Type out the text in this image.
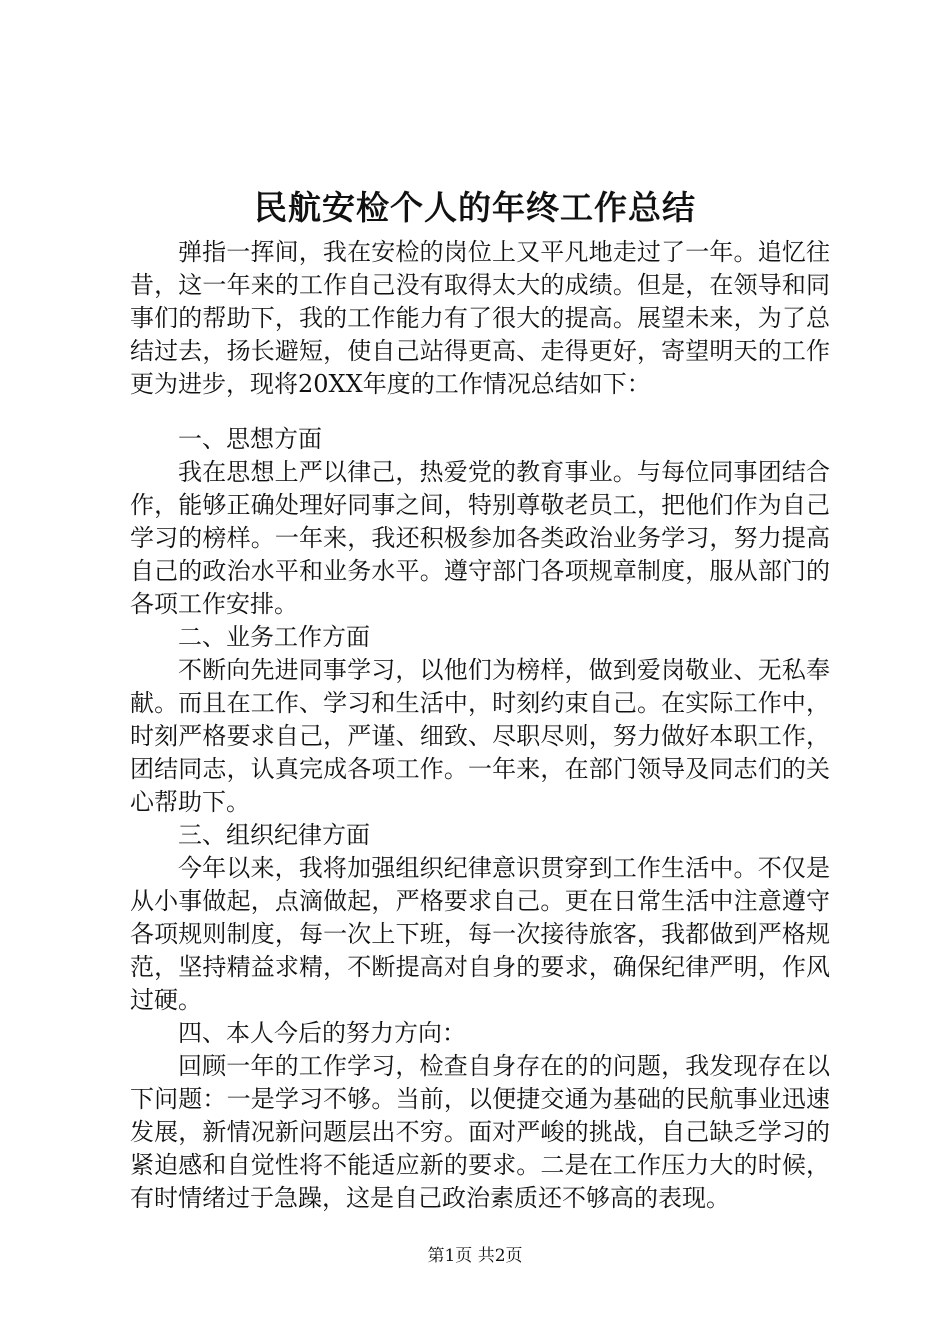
民航安检个人的年终工作总结

弹指一挥间，我在安检的岗位上又平凡地走过了一年。追忆往昔，这一年来的工作自己没有取得太大的成绩。但是，在领导和同事们的帮助下，我的工作能力有了很大的提高。展望未来，为了总结过去，扬长避短，使自己站得更高、走得更好，寄望明天的工作更为进步，现将20XX年度的工作情况总结如下：

一、思想方面

我在思想上严以律己，热爱党的教育事业。与每位同事团结合作，能够正确处理好同事之间，特别尊敬老员工，把他们作为自己学习的榜样。一年来，我还积极参加各类政治业务学习，努力提高自己的政治水平和业务水平。遵守部门各项规章制度，服从部门的各项工作安排。

二、业务工作方面

不断向先进同事学习，以他们为榜样，做到爱岗敬业、无私奉献。而且在工作、学习和生活中，时刻约束自己。在实际工作中，时刻严格要求自己，严谨、细致、尽职尽则，努力做好本职工作，团结同志，认真完成各项工作。一年来，在部门领导及同志们的关心帮助下。

三、组织纪律方面

今年以来，我将加强组织纪律意识贯穿到工作生活中。不仅是从小事做起，点滴做起，严格要求自己。更在日常生活中注意遵守各项规则制度，每一次上下班，每一次接待旅客，我都做到严格规范，坚持精益求精，不断提高对自身的要求，确保纪律严明，作风过硬。

四、本人今后的努力方向：

回顾一年的工作学习，检查自身存在的的问题，我发现存在以下问题：一是学习不够。当前，以便捷交通为基础的民航事业迅速发展，新情况新问题层出不穷。面对严峻的挑战，自己缺乏学习的紧迫感和自觉性将不能适应新的要求。二是在工作压力大的时候，有时情绪过于急躁，这是自己政治素质还不够高的表现。

第1页 共2页
